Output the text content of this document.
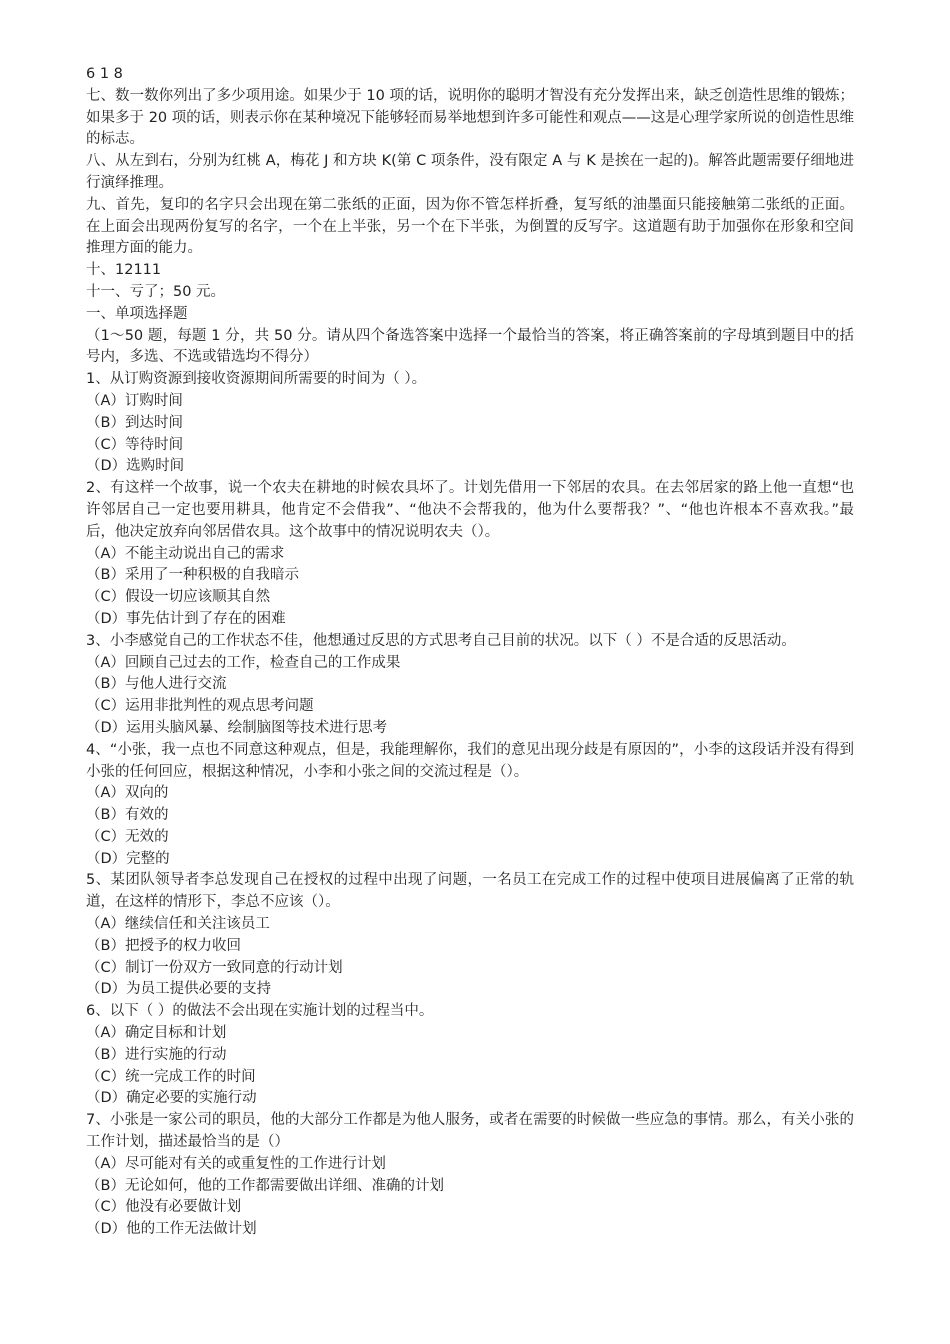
6 1 8

七、数一数你列出了多少项用途。如果少于 10 项的话，说明你的聪明才智没有充分发挥出来，缺乏创造性思维的锻炼；如果多于 20 项的话，则表示你在某种境况下能够轻而易举地想到许多可能性和观点——这是心理学家所说的创造性思维的标志。

八、从左到右，分别为红桃 A，梅花 J 和方块 K(第 C 项条件，没有限定 A 与 K 是挨在一起的)。解答此题需要仔细地进行演绎推理。

九、首先，复印的名字只会出现在第二张纸的正面，因为你不管怎样折叠，复写纸的油墨面只能接触第二张纸的正面。在上面会出现两份复写的名字，一个在上半张，另一个在下半张，为倒置的反写字。这道题有助于加强你在形象和空间推理方面的能力。

十、12111

十一、亏了；50 元。

一、单项选择题

（1～50 题，每题 1 分，共 50 分。请从四个备选答案中选择一个最恰当的答案，将正确答案前的字母填到题目中的括号内，多选、不选或错选均不得分）

1、从订购资源到接收资源期间所需要的时间为（ ）。

（A）订购时间

（B）到达时间

（C）等待时间

（D）选购时间

2、有这样一个故事，说一个农夫在耕地的时候农具坏了。计划先借用一下邻居的农具。在去邻居家的路上他一直想“也许邻居自己一定也要用耕具，他肯定不会借我”、“他决不会帮我的，他为什么要帮我？”、“他也许根本不喜欢我。”最后，他决定放弃向邻居借农具。这个故事中的情况说明农夫（）。

（A）不能主动说出自己的需求

（B）采用了一种积极的自我暗示

（C）假设一切应该顺其自然

（D）事先估计到了存在的困难

3、小李感觉自己的工作状态不佳，他想通过反思的方式思考自己目前的状况。以下（ ）不是合适的反思活动。

（A）回顾自己过去的工作，检查自己的工作成果

（B）与他人进行交流

（C）运用非批判性的观点思考问题

（D）运用头脑风暴、绘制脑图等技术进行思考

4、“小张，我一点也不同意这种观点，但是，我能理解你，我们的意见出现分歧是有原因的”，小李的这段话并没有得到小张的任何回应，根据这种情况，小李和小张之间的交流过程是（）。

（A）双向的

（B）有效的

（C）无效的

（D）完整的

5、某团队领导者李总发现自己在授权的过程中出现了问题，一名员工在完成工作的过程中使项目进展偏离了正常的轨道，在这样的情形下，李总不应该（）。

（A）继续信任和关注该员工

（B）把授予的权力收回

（C）制订一份双方一致同意的行动计划

（D）为员工提供必要的支持

6、以下（ ）的做法不会出现在实施计划的过程当中。

（A）确定目标和计划

（B）进行实施的行动

（C）统一完成工作的时间

（D）确定必要的实施行动

7、小张是一家公司的职员，他的大部分工作都是为他人服务，或者在需要的时候做一些应急的事情。那么，有关小张的工作计划，描述最恰当的是（）

（A）尽可能对有关的或重复性的工作进行计划

（B）无论如何，他的工作都需要做出详细、准确的计划

（C）他没有必要做计划

（D）他的工作无法做计划
